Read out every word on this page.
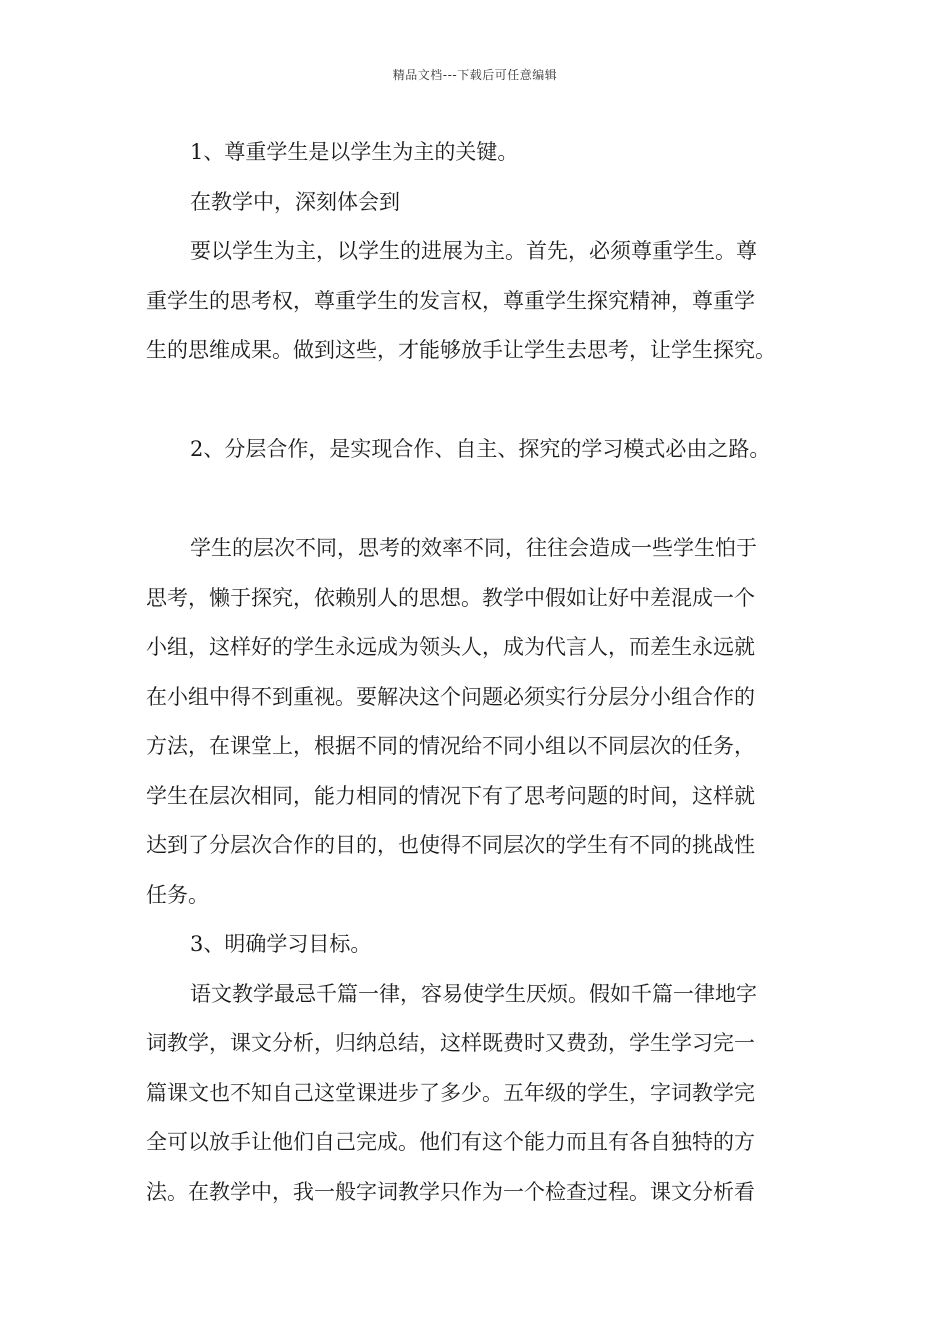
精品文档---下载后可任意编辑
1、尊重学生是以学生为主的关键。
在教学中，深刻体会到
要以学生为主，以学生的进展为主。首先，必须尊重学生。尊
重学生的思考权，尊重学生的发言权，尊重学生探究精神，尊重学
生的思维成果。做到这些，才能够放手让学生去思考，让学生探究。
2、分层合作，是实现合作、自主、探究的学习模式必由之路。
学生的层次不同，思考的效率不同，往往会造成一些学生怕于
思考，懒于探究，依赖别人的思想。教学中假如让好中差混成一个
小组，这样好的学生永远成为领头人，成为代言人，而差生永远就
在小组中得不到重视。要解决这个问题必须实行分层分小组合作的
方法，在课堂上，根据不同的情况给不同小组以不同层次的任务，
学生在层次相同，能力相同的情况下有了思考问题的时间，这样就
达到了分层次合作的目的，也使得不同层次的学生有不同的挑战性
任务。
3、明确学习目标。
语文教学最忌千篇一律，容易使学生厌烦。假如千篇一律地字
词教学，课文分析，归纳总结，这样既费时又费劲，学生学习完一
篇课文也不知自己这堂课进步了多少。五年级的学生，字词教学完
全可以放手让他们自己完成。他们有这个能力而且有各自独特的方
法。在教学中，我一般字词教学只作为一个检查过程。课文分析看
